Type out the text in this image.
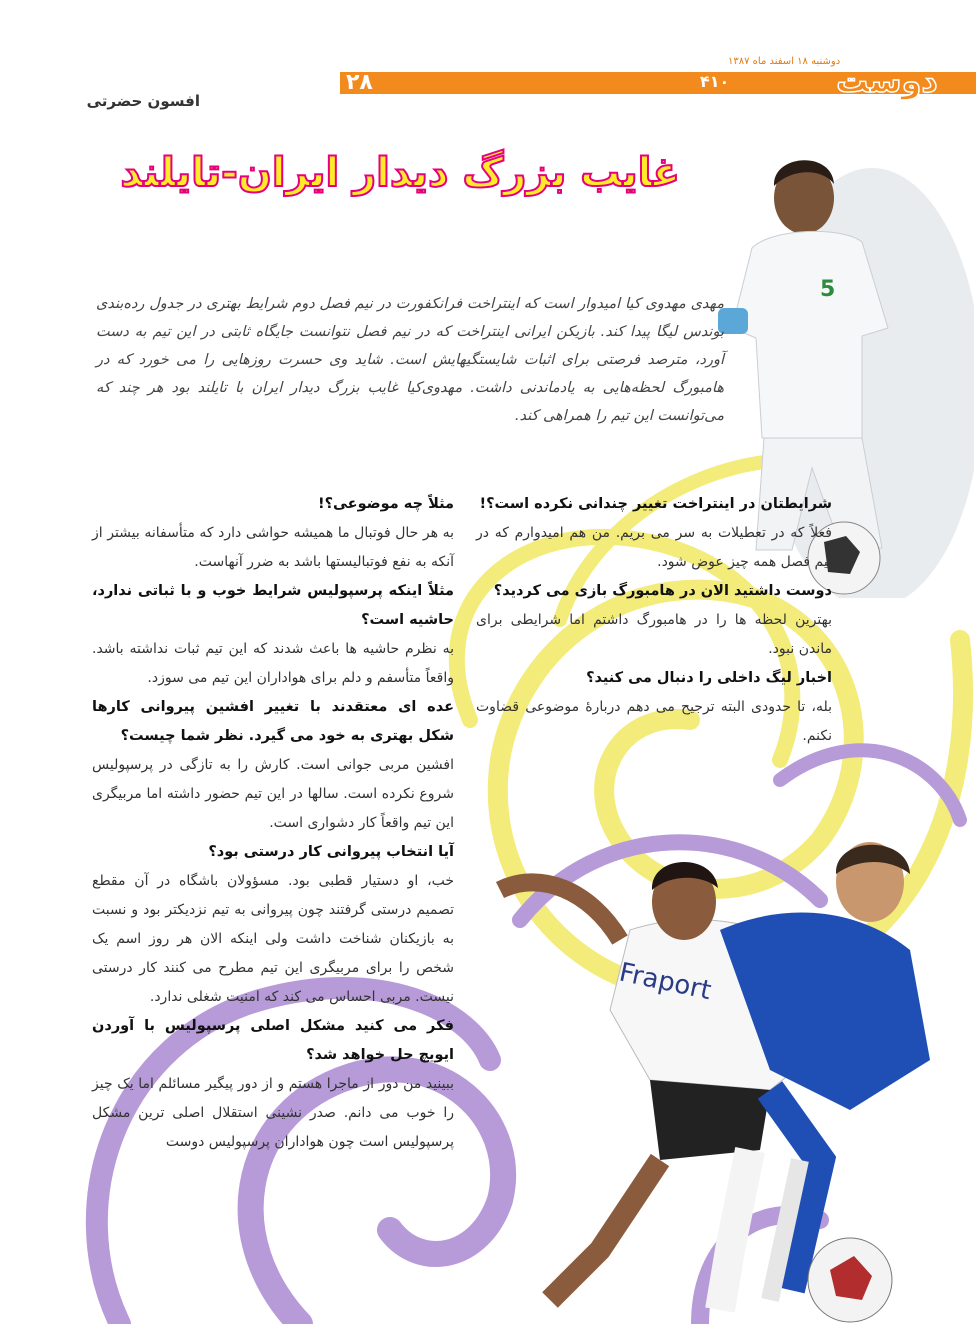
۲۸	۴۱۰
دوشنبه ۱۸ اسفند ماه ۱۳۸۷
دوست
افسون حضرتی
غایب بزرگ دیدار ایران-تایلند
5
مهدی مهدوی کیا امیدوار است که اینتراخت فرانکفورت در نیم فصل دوم شرایط بهتری در جدول رده‌بندی بوندس لیگا پیدا کند. بازیکن ایرانی اینتراخت که در نیم فصل نتوانست جایگاه ثابتی در این تیم به دست آورد، مترصد فرصتی برای اثبات شایستگیهایش است. شاید وی حسرت روزهایی را می خورد که در هامبورگ لحظه‌هایی به یادماندنی داشت. مهدوی‌کیا غایب بزرگ دیدار ایران با تایلند بود هر چند که می‌توانست این تیم را همراهی کند.
Fraport
شرایطتان در اینتراخت تغییر چندانی نکرده است؟!
فعلاً که در تعطیلات به سر می بریم. من هم امیدوارم که در نیم فصل همه چیز عوض شود.
دوست داشتید الان در هامبورگ بازی می کردید؟
بهترین لحظه ها را در هامبورگ داشتم اما شرایطی برای ماندن نبود.
اخبار لیگ داخلی را دنبال می کنید؟
بله، تا حدودی البته ترجیح می دهم دربارهٔ موضوعی قضاوت نکنم.
مثلاً چه موضوعی؟!
به هر حال فوتبال ما همیشه حواشی دارد که متأسفانه بیشتر از آنکه به نفع فوتبالیستها باشد به ضرر آنهاست.
مثلاً اینکه پرسپولیس شرایط خوب و با ثباتی ندارد، حاشیه است؟
به نظرم حاشیه ها باعث شدند که این تیم ثبات نداشته باشد. واقعاً متأسفم و دلم برای هواداران این تیم می سوزد.
عده ای معتقدند با تغییر افشین پیروانی کارها شکل بهتری به خود می گیرد. نظر شما چیست؟
افشین مربی جوانی است. کارش را به تازگی در پرسپولیس شروع نکرده است. سالها در این تیم حضور داشته اما مربیگری این تیم واقعاً کار دشواری است.
آیا انتخاب پیروانی کار درستی بود؟
خب، او دستیار قطبی بود. مسؤولان باشگاه در آن مقطع تصمیم درستی گرفتند چون پیروانی به تیم نزدیکتر بود و نسبت به بازیکنان شناخت داشت ولی اینکه الان هر روز اسم یک شخص را برای مربیگری این تیم مطرح می کنند کار درستی نیست. مربی احساس می کند که امنیت شغلی ندارد.
فکر می کنید مشکل اصلی پرسپولیس با آوردن ایویچ حل خواهد شد؟
ببینید من دور از ماجرا هستم و از دور پیگیر مسائلم اما یک چیز را خوب می دانم. صدر نشینی استقلال اصلی ترین مشکل پرسپولیس است چون هواداران پرسپولیس دوست
